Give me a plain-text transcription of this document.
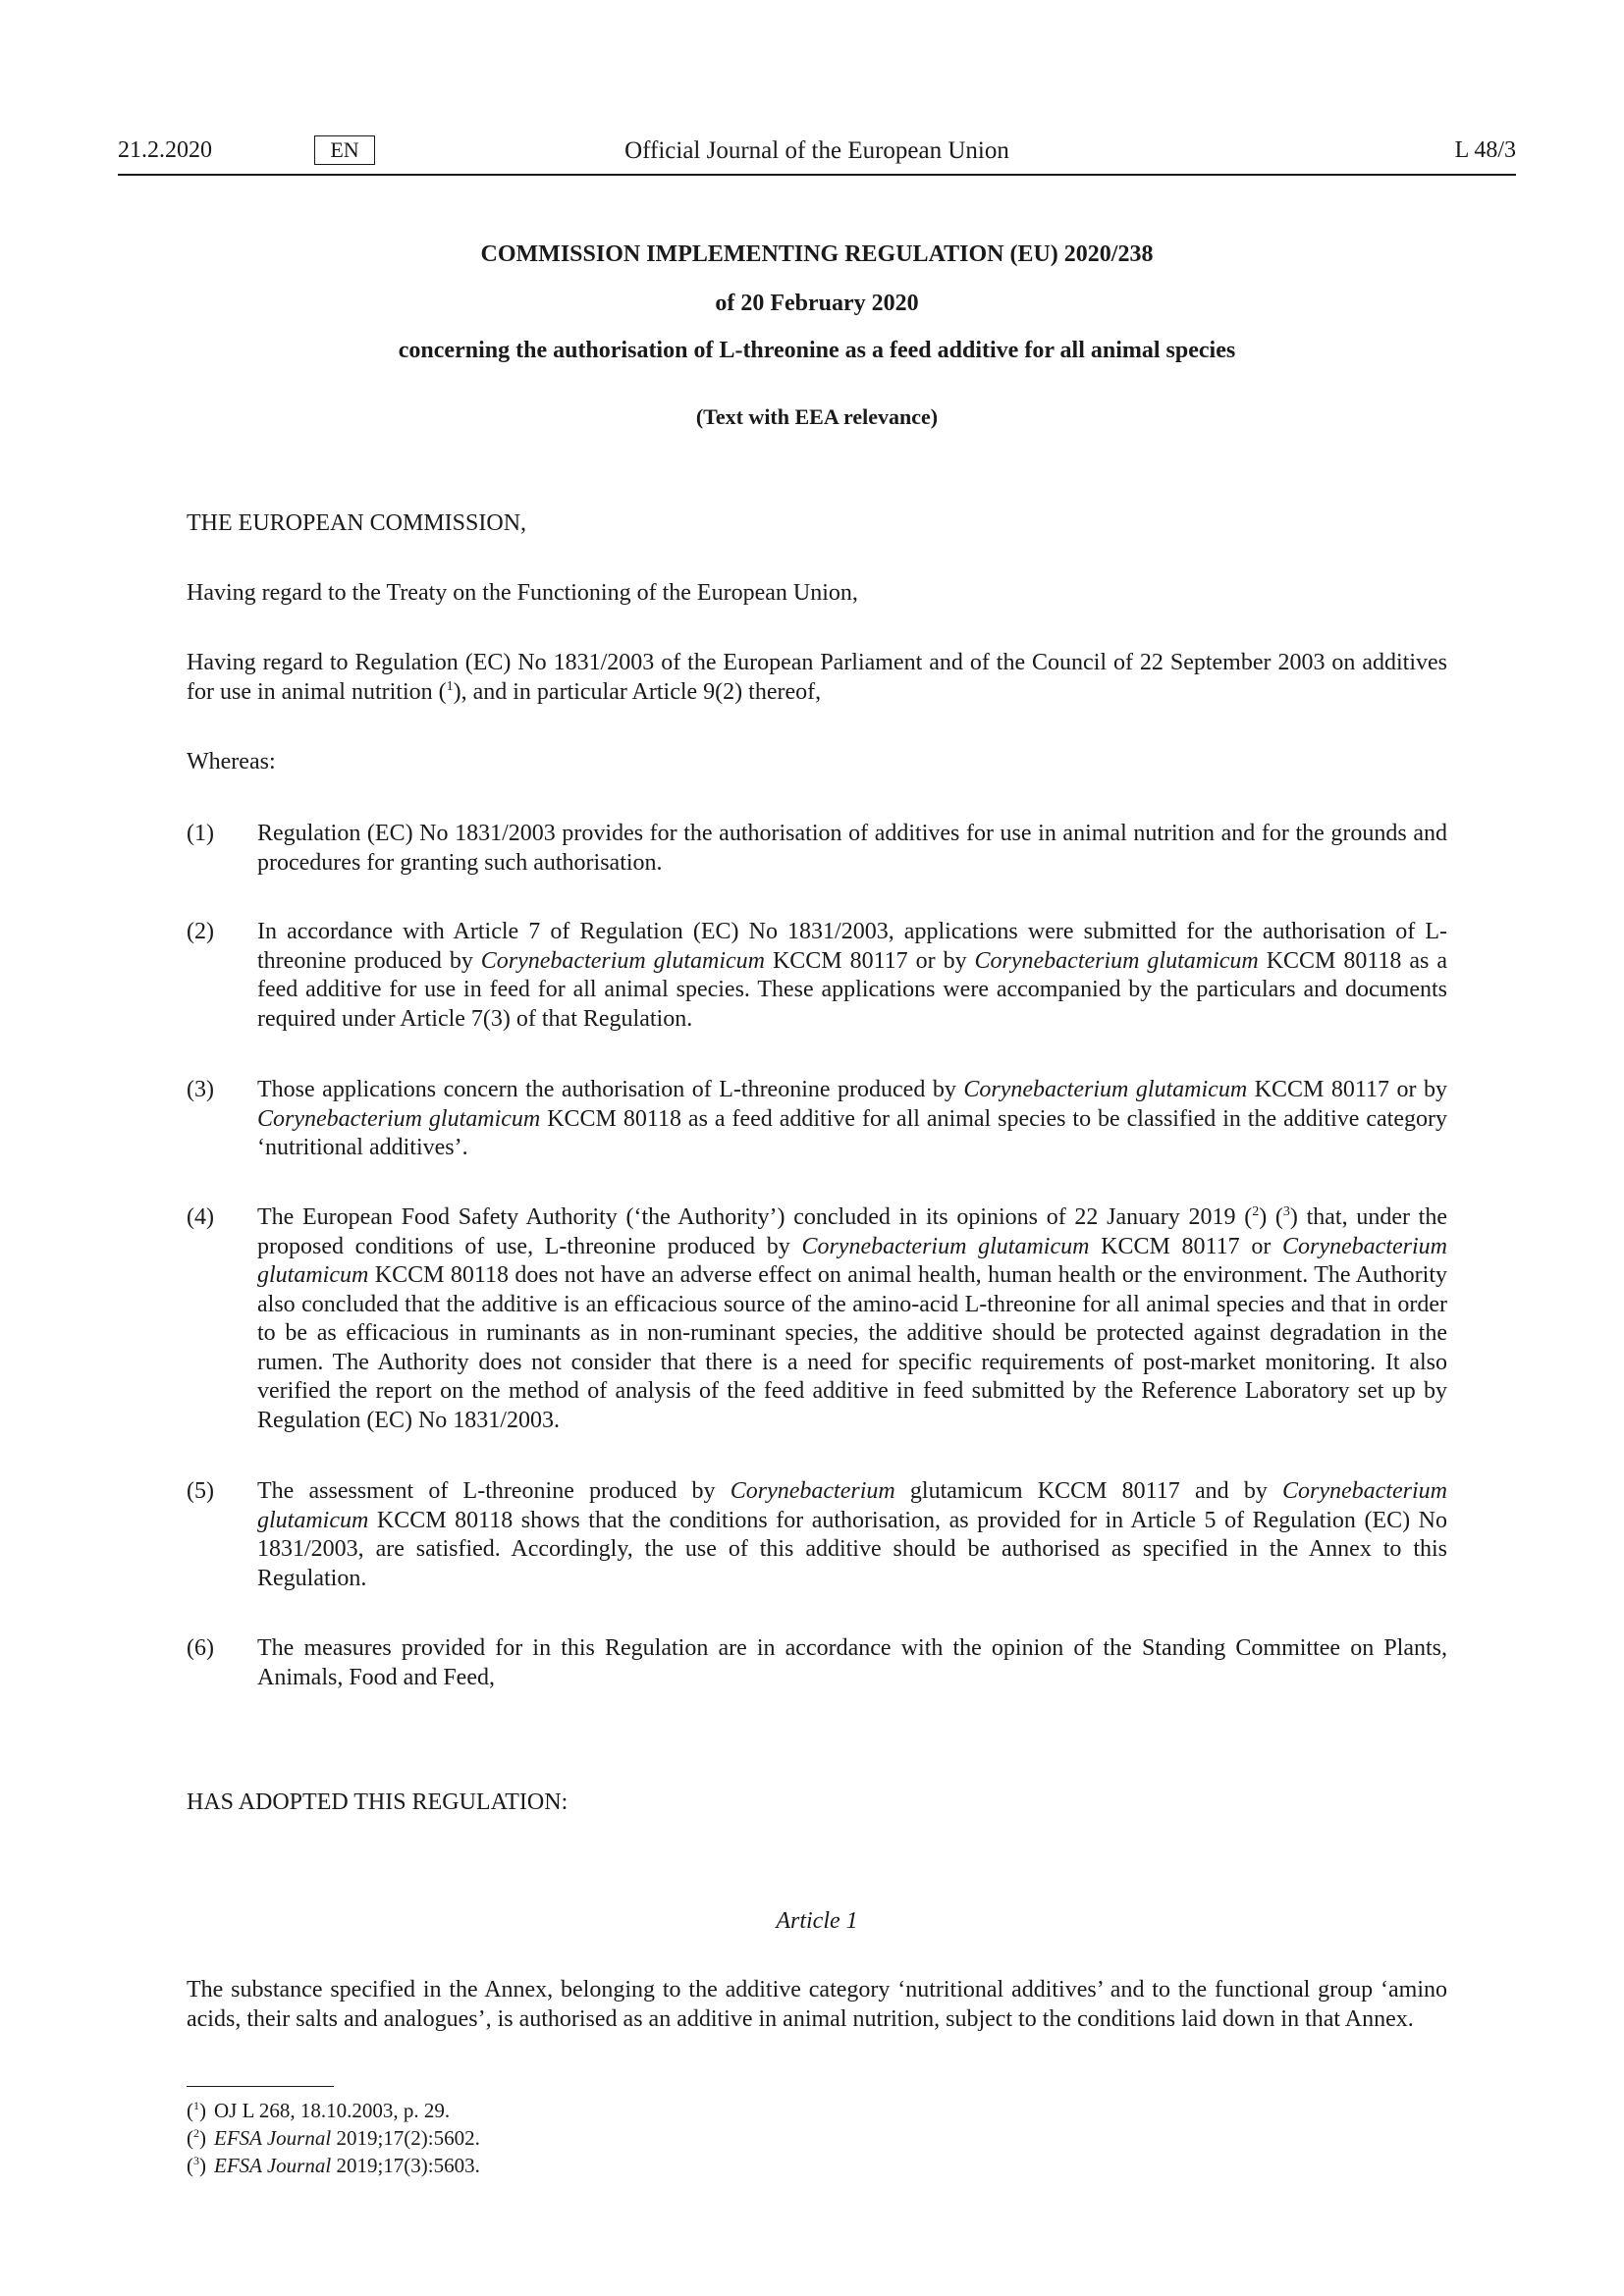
21.2.2020	EN	Official Journal of the European Union	L 48/3
COMMISSION IMPLEMENTING REGULATION (EU) 2020/238
of 20 February 2020
concerning the authorisation of L-threonine as a feed additive for all animal species
(Text with EEA relevance)
THE EUROPEAN COMMISSION,
Having regard to the Treaty on the Functioning of the European Union,
Having regard to Regulation (EC) No 1831/2003 of the European Parliament and of the Council of 22 September 2003 on additives for use in animal nutrition ($^1$), and in particular Article 9(2) thereof,
Whereas:
(1) Regulation (EC) No 1831/2003 provides for the authorisation of additives for use in animal nutrition and for the grounds and procedures for granting such authorisation.
(2) In accordance with Article 7 of Regulation (EC) No 1831/2003, applications were submitted for the authorisation of L-threonine produced by Corynebacterium glutamicum KCCM 80117 or by Corynebacterium glutamicum KCCM 80118 as a feed additive for use in feed for all animal species. These applications were accompanied by the particulars and documents required under Article 7(3) of that Regulation.
(3) Those applications concern the authorisation of L-threonine produced by Corynebacterium glutamicum KCCM 80117 or by Corynebacterium glutamicum KCCM 80118 as a feed additive for all animal species to be classified in the additive category ‘nutritional additives’.
(4) The European Food Safety Authority (‘the Authority’) concluded in its opinions of 22 January 2019 ($^2$) ($^3$) that, under the proposed conditions of use, L-threonine produced by Corynebacterium glutamicum KCCM 80117 or Corynebacterium glutamicum KCCM 80118 does not have an adverse effect on animal health, human health or the environment. The Authority also concluded that the additive is an efficacious source of the amino-acid L-threonine for all animal species and that in order to be as efficacious in ruminants as in non-ruminant species, the additive should be protected against degradation in the rumen. The Authority does not consider that there is a need for specific requirements of post-market monitoring. It also verified the report on the method of analysis of the feed additive in feed submitted by the Reference Laboratory set up by Regulation (EC) No 1831/2003.
(5) The assessment of L-threonine produced by Corynebacterium glutamicum KCCM 80117 and by Corynebacterium glutamicum KCCM 80118 shows that the conditions for authorisation, as provided for in Article 5 of Regulation (EC) No 1831/2003, are satisfied. Accordingly, the use of this additive should be authorised as specified in the Annex to this Regulation.
(6) The measures provided for in this Regulation are in accordance with the opinion of the Standing Committee on Plants, Animals, Food and Feed,
HAS ADOPTED THIS REGULATION:
Article 1
The substance specified in the Annex, belonging to the additive category ‘nutritional additives’ and to the functional group ‘amino acids, their salts and analogues’, is authorised as an additive in animal nutrition, subject to the conditions laid down in that Annex.
($^1$) OJ L 268, 18.10.2003, p. 29.
($^2$) EFSA Journal 2019;17(2):5602.
($^3$) EFSA Journal 2019;17(3):5603.
